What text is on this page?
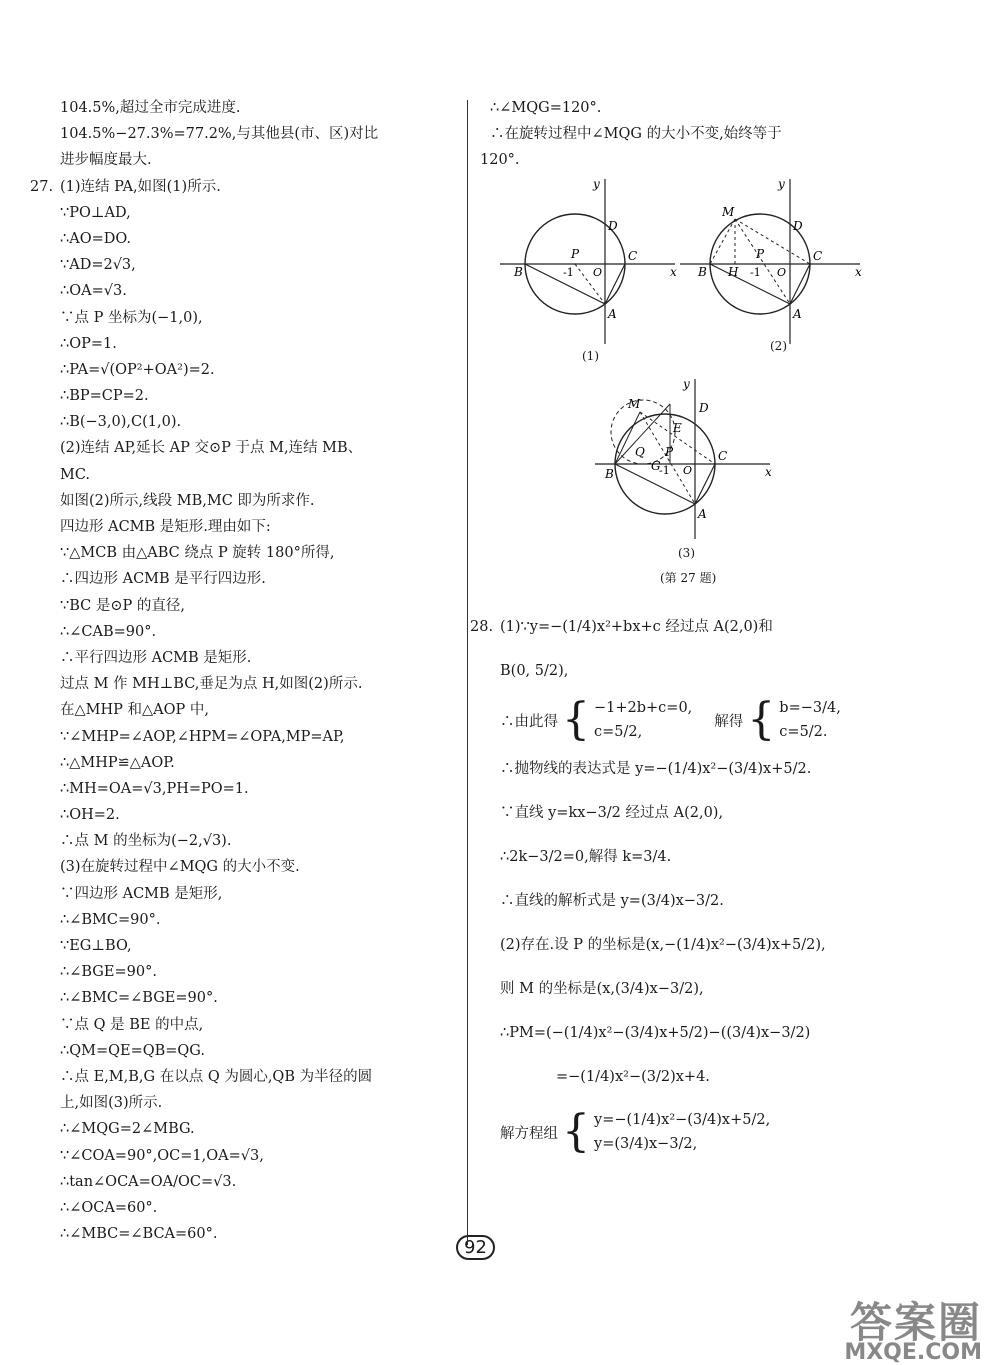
104.5%,超过全市完成进度.
104.5%−27.3%=77.2%,与其他县(市、区)对比
进步幅度最大.
27. (1)连结 PA,如图(1)所示.
∵PO⊥AD,
∴AO=DO.
∵AD=2√3,
∴OA=√3.
∵点 P 坐标为(−1,0),
∴OP=1.
∴PA=√(OP²+OA²)=2.
∴BP=CP=2.
∴B(−3,0),C(1,0).
(2)连结 AP,延长 AP 交⊙P 于点 M,连结 MB、
MC.
如图(2)所示,线段 MB,MC 即为所求作.
四边形 ACMB 是矩形.理由如下:
∵△MCB 由△ABC 绕点 P 旋转 180°所得,
∴四边形 ACMB 是平行四边形.
∵BC 是⊙P 的直径,
∴∠CAB=90°.
∴平行四边形 ACMB 是矩形.
过点 M 作 MH⊥BC,垂足为点 H,如图(2)所示.
在△MHP 和△AOP 中,
∵∠MHP=∠AOP,∠HPM=∠OPA,MP=AP,
∴△MHP≌△AOP.
∴MH=OA=√3,PH=PO=1.
∴OH=2.
∴点 M 的坐标为(−2,√3).
(3)在旋转过程中∠MQG 的大小不变.
∵四边形 ACMB 是矩形,
∴∠BMC=90°.
∵EG⊥BO,
∴∠BGE=90°.
∴∠BMC=∠BGE=90°.
∵点 Q 是 BE 的中点,
∴QM=QE=QB=QG.
∴点 E,M,B,G 在以点 Q 为圆心,QB 为半径的圆
上,如图(3)所示.
∴∠MQG=2∠MBG.
∵∠COA=90°,OC=1,OA=√3,
∴tan∠OCA=OA/OC=√3.
∴∠OCA=60°.
∴∠MBC=∠BCA=60°.
∴∠MQG=120°.
∴在旋转过程中∠MQG 的大小不变,始终等于
120°.
x
y
D
C
B
A
P
-1 O	x
y
D
C
B
A
M
P
H -1 O
(1)
(2)
x
y
D
C
B
A
M
E
Q
G
P
-1 O
(3)
(第 27 题)
28. (1)∵y=−(1/4)x²+bx+c 经过点 A(2,0)和
B(0, 5/2),
∴由此得 { −1+2b+c=0,
c=5/2,
解得 { b=−3/4,
c=5/2.
∴抛物线的表达式是 y=−(1/4)x²−(3/4)x+5/2.
∵直线 y=kx−3/2 经过点 A(2,0),
∴2k−3/2=0,解得 k=3/4.
∴直线的解析式是 y=(3/4)x−3/2.
(2)存在.设 P 的坐标是(x,−(1/4)x²−(3/4)x+5/2),
则 M 的坐标是(x,(3/4)x−3/2),
∴PM=(−(1/4)x²−(3/4)x+5/2)−((3/4)x−3/2)
=−(1/4)x²−(3/2)x+4.
解方程组 { y=−(1/4)x²−(3/4)x+5/2,
y=(3/4)x−3/2,
92
答案圈
MXQE.COM
